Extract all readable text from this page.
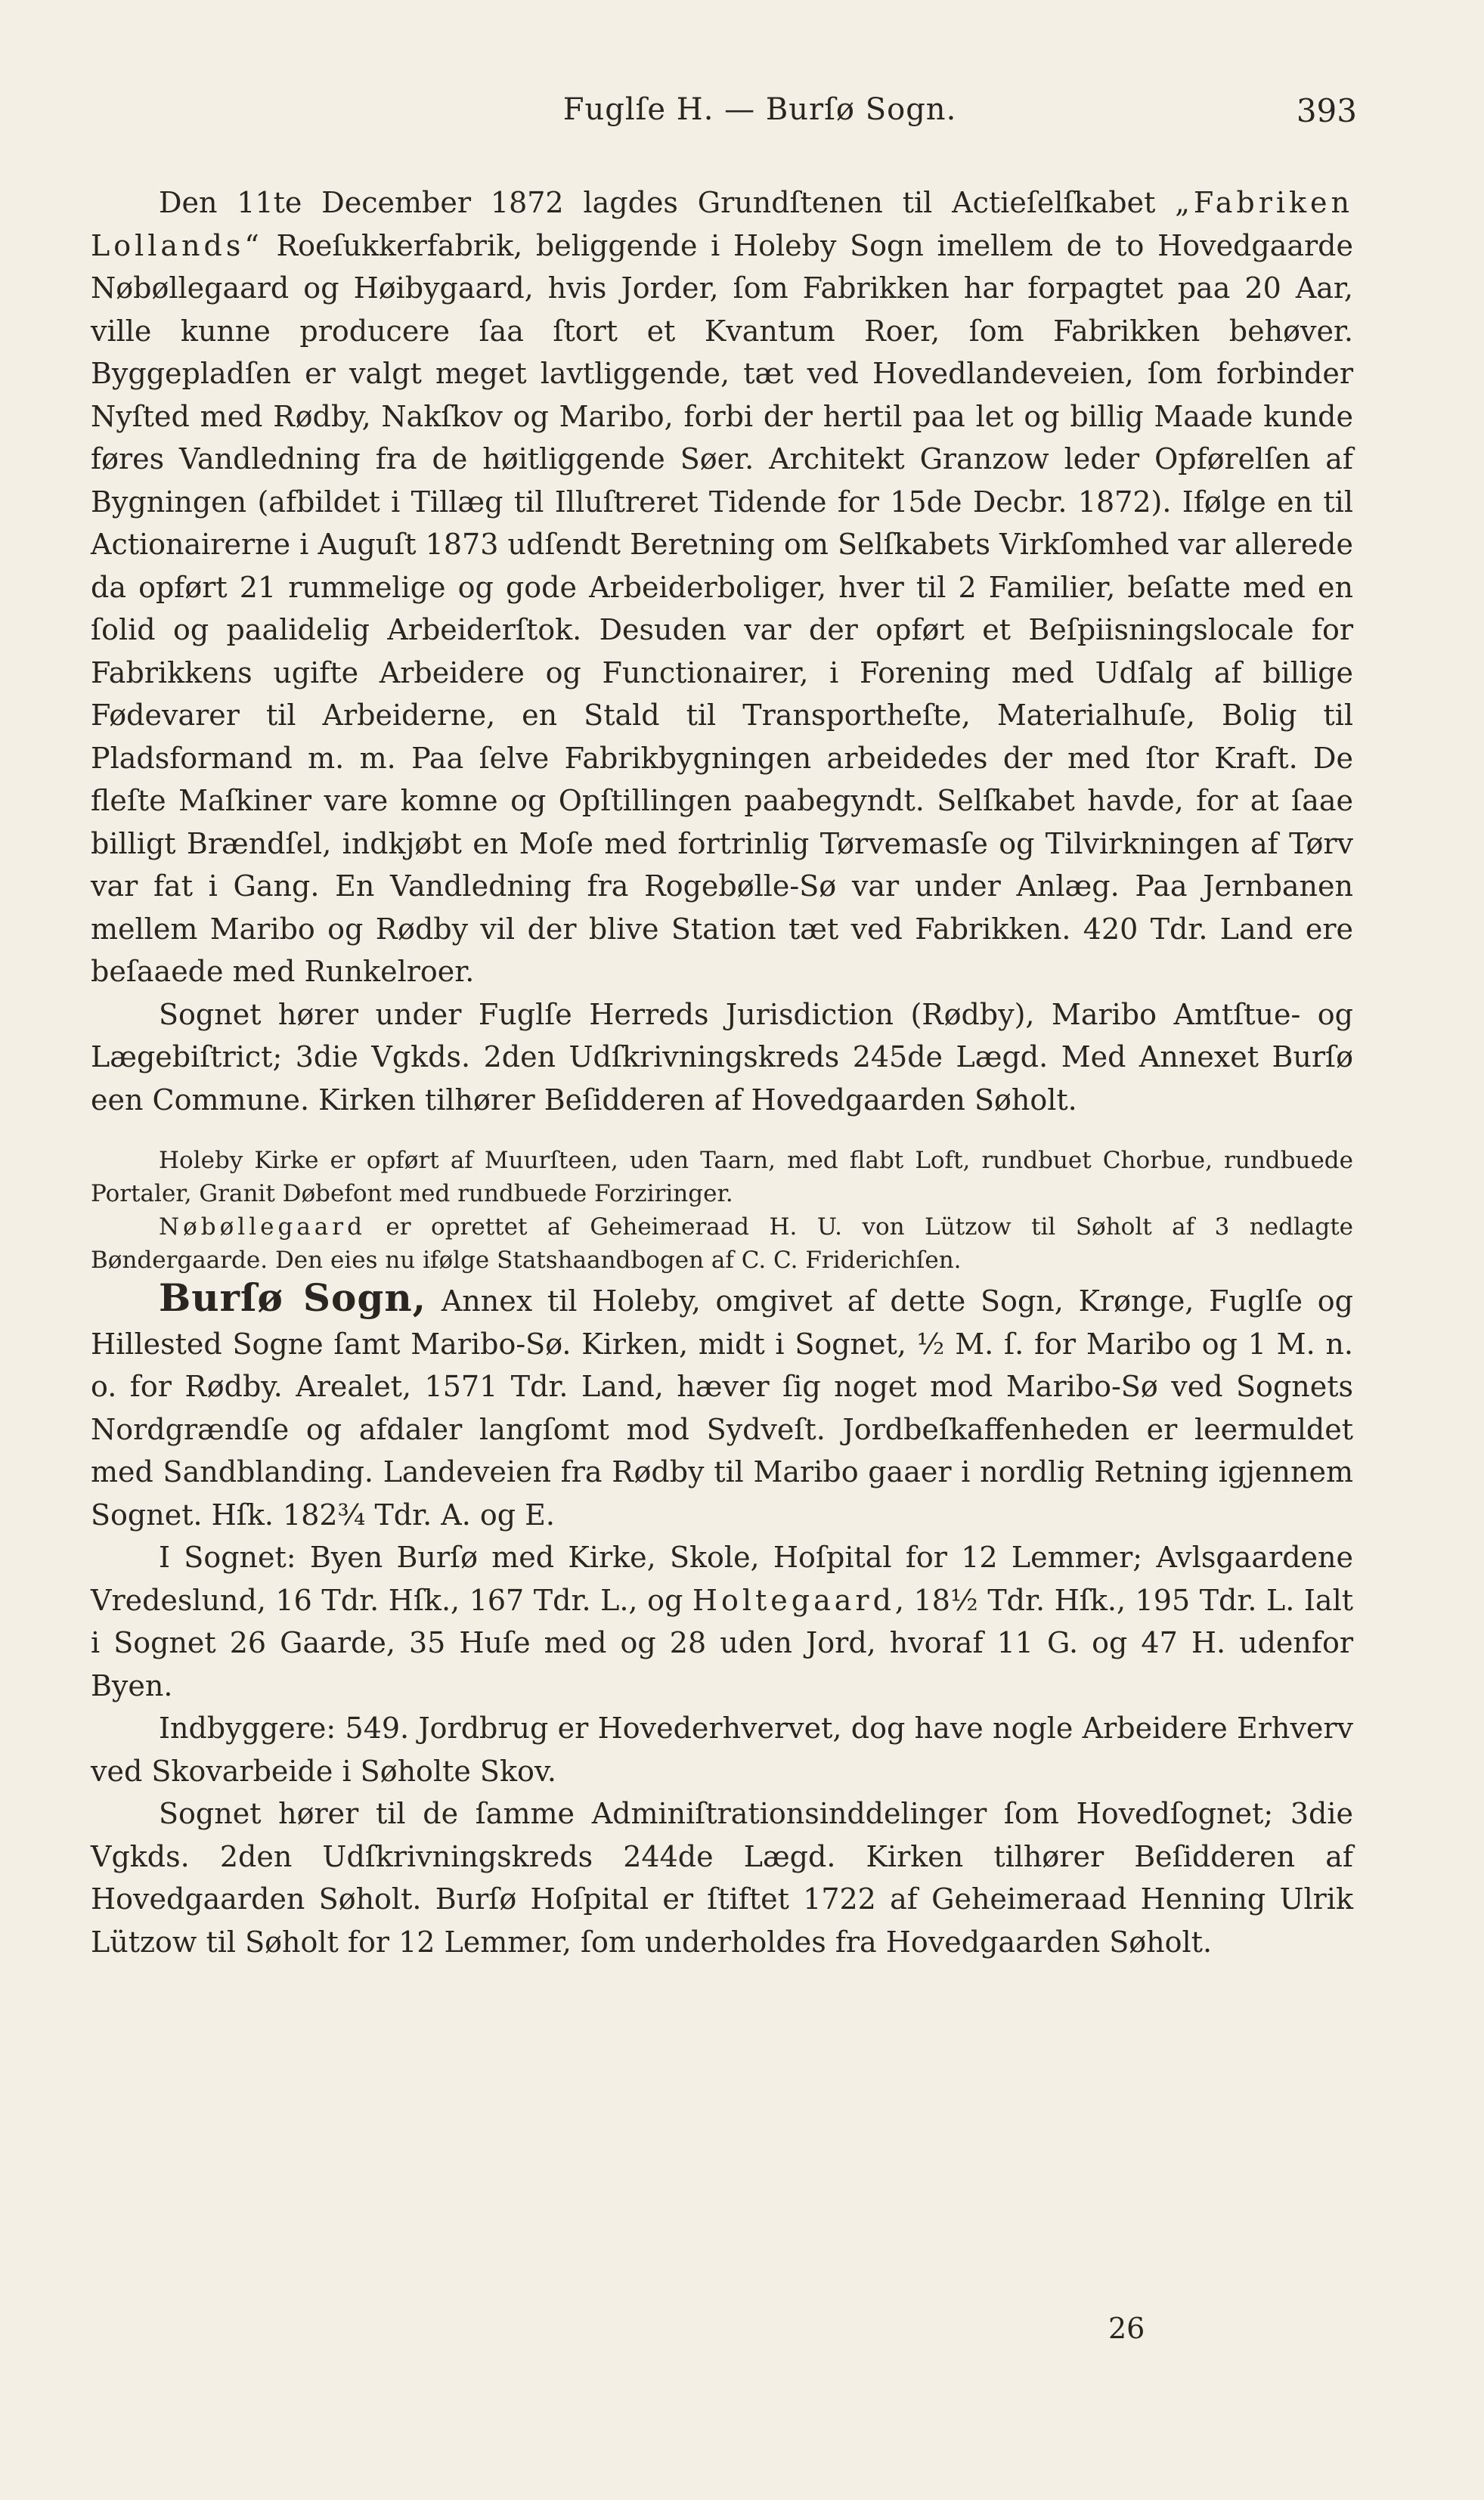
Fuglſe H. — Burſø Sogn.	393

Den 11te December 1872 lagdes Grundſtenen til Actieſelſkabet „Fabriken Lollands“ Roeſukkerfabrik, beliggende i Holeby Sogn imellem de to Hovedgaarde Nøbøllegaard og Høibygaard, hvis Jorder, ſom Fabrikken har forpagtet paa 20 Aar, ville kunne producere ſaa ſtort et Kvantum Roer, ſom Fabrikken behøver. Byggepladſen er valgt meget lavtliggende, tæt ved Hovedlandeveien, ſom forbinder Nyſted med Rødby, Nakſkov og Maribo, forbi der hertil paa let og billig Maade kunde føres Vandledning fra de høitliggende Søer. Architekt Granzow leder Opførelſen af Bygningen (afbildet i Tillæg til Illuſtreret Tidende for 15de Decbr. 1872). Ifølge en til Actionairerne i Auguſt 1873 udſendt Beretning om Selſkabets Virkſomhed var allerede da opført 21 rummelige og gode Arbeiderboliger, hver til 2 Familier, beſatte med en ſolid og paalidelig Arbeiderſtok. Desuden var der opført et Beſpiisningslocale for Fabrikkens ugifte Arbeidere og Functionairer, i Forening med Udſalg af billige Fødevarer til Arbeiderne, en Stald til Transportheſte, Materialhuſe, Bolig til Pladsformand m. m. Paa ſelve Fabrikbygningen arbeidedes der med ſtor Kraft. De fleſte Maſkiner vare komne og Opſtillingen paabegyndt. Selſkabet havde, for at ſaae billigt Brændſel, indkjøbt en Moſe med fortrinlig Tørvemasſe og Tilvirkningen af Tørv var fat i Gang. En Vandledning fra Rogebølle-Sø var under Anlæg. Paa Jernbanen mellem Maribo og Rødby vil der blive Station tæt ved Fabrikken. 420 Tdr. Land ere beſaaede med Runkelroer.

Sognet hører under Fuglſe Herreds Jurisdiction (Rødby), Maribo Amtſtue- og Lægebiſtrict; 3die Vgkds. 2den Udſkrivningskreds 245de Lægd. Med Annexet Burſø een Commune. Kirken tilhører Beſidderen af Hovedgaarden Søholt.

Holeby Kirke er opført af Muurſteen, uden Taarn, med flabt Loft, rundbuet Chorbue, rundbuede Portaler, Granit Døbefont med rundbuede Forziringer.

Nøbøllegaard er oprettet af Geheimeraad H. U. von Lützow til Søholt af 3 nedlagte Bøndergaarde. Den eies nu ifølge Statshaandbogen af C. C. Friderichſen.

Burſø Sogn, Annex til Holeby, omgivet af dette Sogn, Krønge, Fuglſe og Hillested Sogne ſamt Maribo-Sø. Kirken, midt i Sognet, ½ M. ſ. for Maribo og 1 M. n. o. for Rødby. Arealet, 1571 Tdr. Land, hæver ſig noget mod Maribo-Sø ved Sognets Nordgrændſe og afdaler langſomt mod Sydveſt. Jordbeſkaffenheden er leermuldet med Sandblanding. Landeveien fra Rødby til Maribo gaaer i nordlig Retning igjennem Sognet. Hſk. 182¾ Tdr. A. og E.

I Sognet: Byen Burſø med Kirke, Skole, Hoſpital for 12 Lemmer; Avlsgaardene Vredeslund, 16 Tdr. Hſk., 167 Tdr. L., og Holtegaard, 18½ Tdr. Hſk., 195 Tdr. L. Ialt i Sognet 26 Gaarde, 35 Huſe med og 28 uden Jord, hvoraf 11 G. og 47 H. udenfor Byen.

Indbyggere: 549. Jordbrug er Hovederhvervet, dog have nogle Arbeidere Erhverv ved Skovarbeide i Søholte Skov.

Sognet hører til de ſamme Adminiſtrationsinddelinger ſom Hovedſognet; 3die Vgkds. 2den Udſkrivningskreds 244de Lægd. Kirken tilhører Beſidderen af Hovedgaarden Søholt. Burſø Hoſpital er ſtiftet 1722 af Geheimeraad Henning Ulrik Lützow til Søholt for 12 Lemmer, ſom underholdes fra Hovedgaarden Søholt.

26
